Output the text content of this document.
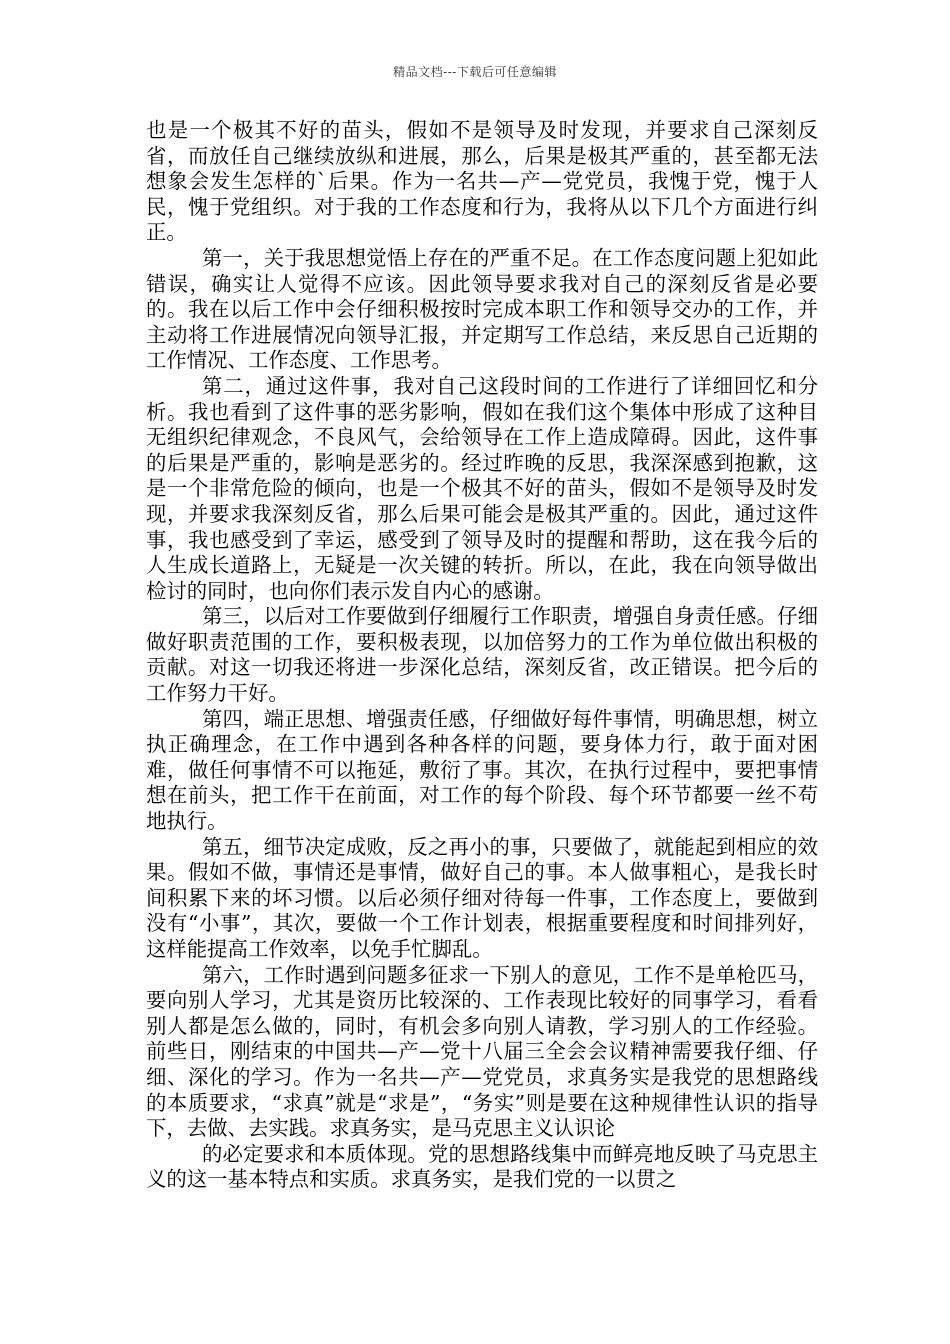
精品文档---下载后可任意编辑

也是一个极其不好的苗头，假如不是领导及时发现，并要求自己深刻反省，而放任自己继续放纵和进展，那么，后果是极其严重的，甚至都无法想象会发生怎样的`后果。作为一名共—产—党党员，我愧于党，愧于人民，愧于党组织。对于我的工作态度和行为，我将从以下几个方面进行纠正。

第一，关于我思想觉悟上存在的严重不足。在工作态度问题上犯如此错误，确实让人觉得不应该。因此领导要求我对自己的深刻反省是必要的。我在以后工作中会仔细积极按时完成本职工作和领导交办的工作，并主动将工作进展情况向领导汇报，并定期写工作总结，来反思自己近期的工作情况、工作态度、工作思考。

第二，通过这件事，我对自己这段时间的工作进行了详细回忆和分析。我也看到了这件事的恶劣影响，假如在我们这个集体中形成了这种目无组织纪律观念，不良风气，会给领导在工作上造成障碍。因此，这件事的后果是严重的，影响是恶劣的。经过昨晚的反思，我深深感到抱歉，这是一个非常危险的倾向，也是一个极其不好的苗头，假如不是领导及时发现，并要求我深刻反省，那么后果可能会是极其严重的。因此，通过这件事，我也感受到了幸运，感受到了领导及时的提醒和帮助，这在我今后的人生成长道路上，无疑是一次关键的转折。所以，在此，我在向领导做出检讨的同时，也向你们表示发自内心的感谢。

第三，以后对工作要做到仔细履行工作职责，增强自身责任感。仔细做好职责范围的工作，要积极表现，以加倍努力的工作为单位做出积极的贡献。对这一切我还将进一步深化总结，深刻反省，改正错误。把今后的工作努力干好。

第四，端正思想、增强责任感，仔细做好每件事情，明确思想，树立执正确理念，在工作中遇到各种各样的问题，要身体力行，敢于面对困难，做任何事情不可以拖延，敷衍了事。其次，在执行过程中，要把事情想在前头，把工作干在前面，对工作的每个阶段、每个环节都要一丝不苟地执行。

第五，细节决定成败，反之再小的事，只要做了，就能起到相应的效果。假如不做，事情还是事情，做好自己的事。本人做事粗心，是我长时间积累下来的坏习惯。以后必须仔细对待每一件事，工作态度上，要做到没有“小事”，其次，要做一个工作计划表，根据重要程度和时间排列好，这样能提高工作效率，以免手忙脚乱。

第六，工作时遇到问题多征求一下别人的意见，工作不是单枪匹马，要向别人学习，尤其是资历比较深的、工作表现比较好的同事学习，看看别人都是怎么做的，同时，有机会多向别人请教，学习别人的工作经验。前些日，刚结束的中国共—产—党十八届三全会会议精神需要我仔细、仔细、深化的学习。作为一名共—产—党党员，求真务实是我党的思想路线的本质要求，“求真”就是“求是”，“务实”则是要在这种规律性认识的指导下，去做、去实践。求真务实，是马克思主义认识论

的必定要求和本质体现。党的思想路线集中而鲜亮地反映了马克思主义的这一基本特点和实质。求真务实，是我们党的一以贯之
